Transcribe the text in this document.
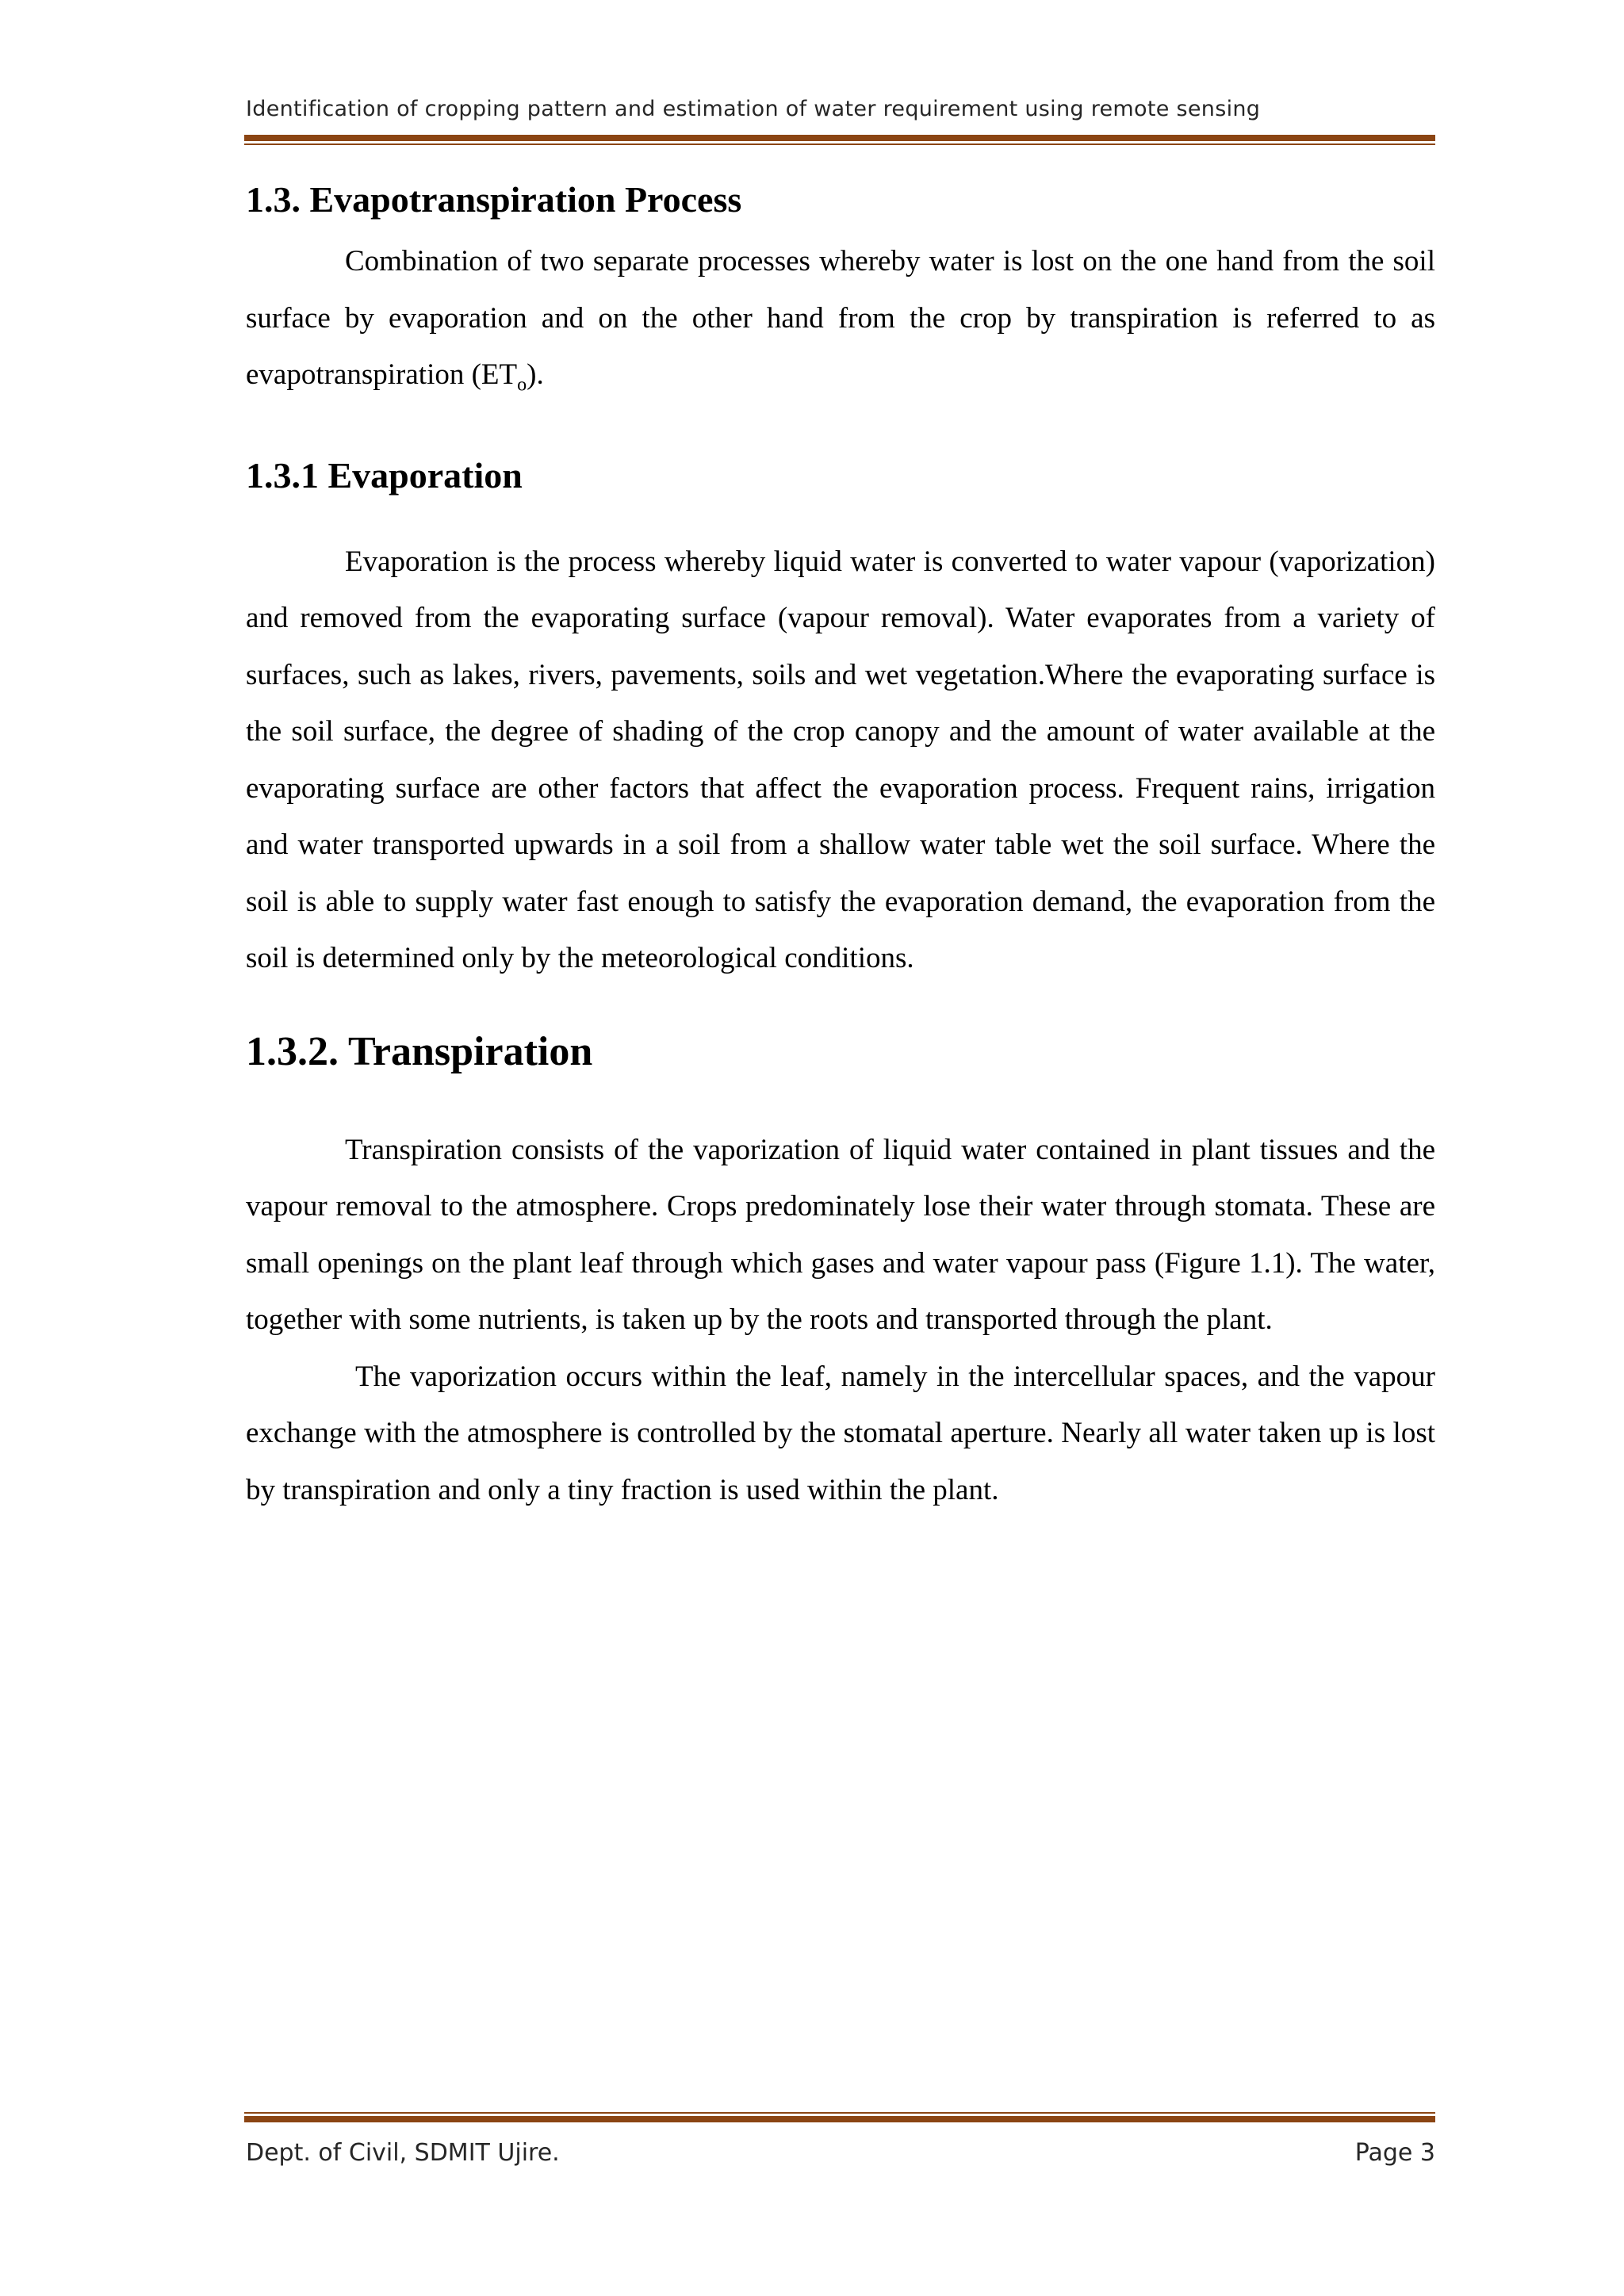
Identification of cropping pattern and estimation of water requirement using remote sensing
1.3. Evapotranspiration Process

Combination of two separate processes whereby water is lost on the one hand from the soil surface by evaporation and on the other hand from the crop by transpiration is referred to as evapotranspiration $(ET_o)$.

1.3.1 Evaporation

Evaporation is the process whereby liquid water is converted to water vapour (vaporization) and removed from the evaporating surface (vapour removal). Water evaporates from a variety of surfaces, such as lakes, rivers, pavements, soils and wet vegetation.Where the evaporating surface is the soil surface, the degree of shading of the crop canopy and the amount of water available at the evaporating surface are other factors that affect the evaporation process. Frequent rains, irrigation and water transported upwards in a soil from a shallow water table wet the soil surface. Where the soil is able to supply water fast enough to satisfy the evaporation demand, the evaporation from the soil is determined only by the meteorological conditions.

1.3.2. Transpiration

Transpiration consists of the vaporization of liquid water contained in plant tissues and the vapour removal to the atmosphere. Crops predominately lose their water through stomata. These are small openings on the plant leaf through which gases and water vapour pass (Figure 1.1). The water, together with some nutrients, is taken up by the roots and transported through the plant.

The vaporization occurs within the leaf, namely in the intercellular spaces, and the vapour exchange with the atmosphere is controlled by the stomatal aperture. Nearly all water taken up is lost by transpiration and only a tiny fraction is used within the plant.

Dept. of Civil, SDMIT Ujire.	Page 3
